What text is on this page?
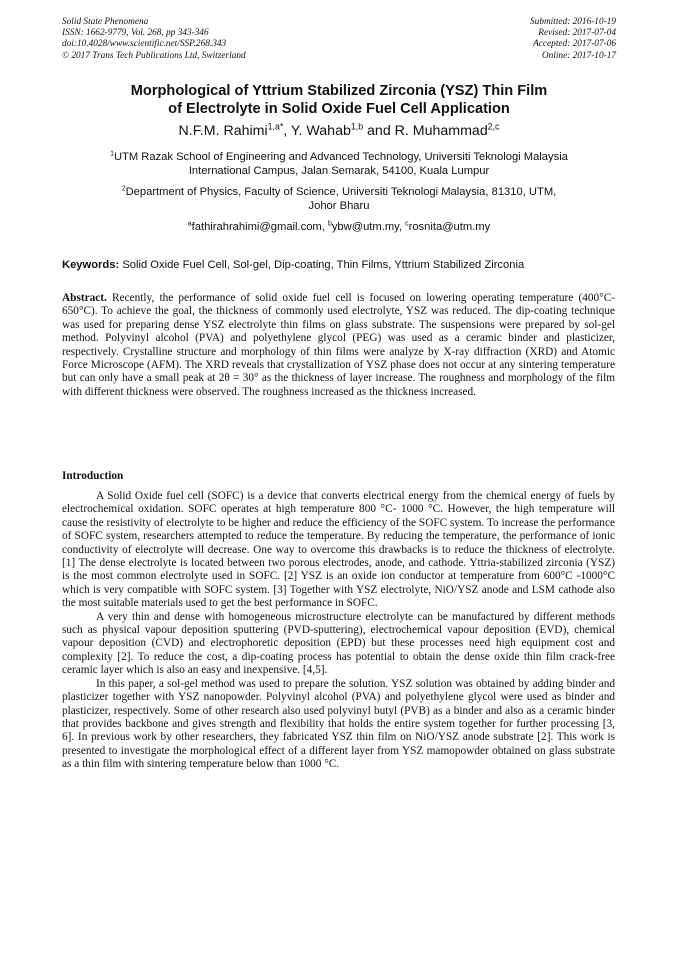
Solid State Phenomena
ISSN: 1662-9779, Vol. 268, pp 343-346
doi:10.4028/www.scientific.net/SSP.268.343
© 2017 Trans Tech Publications Ltd, Switzerland
Submitted: 2016-10-19
Revised: 2017-07-04
Accepted: 2017-07-06
Online: 2017-10-17
Morphological of Yttrium Stabilized Zirconia (YSZ) Thin Film
of Electrolyte in Solid Oxide Fuel Cell Application
N.F.M. Rahimi$^{1,a*}$, Y. Wahab$^{1,b}$ and R. Muhammad$^{2,c}$
$^1$UTM Razak School of Engineering and Advanced Technology, Universiti Teknologi Malaysia
International Campus, Jalan Semarak, 54100, Kuala Lumpur
$^2$Department of Physics, Faculty of Science, Universiti Teknologi Malaysia, 81310, UTM,
Johor Bharu
$^a$fathirahrahimi@gmail.com, $^b$ybw@utm.my, $^c$rosnita@utm.my
Keywords: Solid Oxide Fuel Cell, Sol-gel, Dip-coating, Thin Films, Yttrium Stabilized Zirconia

Abstract. Recently, the performance of solid oxide fuel cell is focused on lowering operating temperature (400°C-650°C). To achieve the goal, the thickness of commonly used electrolyte, YSZ was reduced. The dip-coating technique was used for preparing dense YSZ electrolyte thin films on glass substrate. The suspensions were prepared by sol-gel method. Polyvinyl alcohol (PVA) and polyethylene glycol (PEG) was used as a ceramic binder and plasticizer, respectively. Crystalline structure and morphology of thin films were analyze by X-ray diffraction (XRD) and Atomic Force Microscope (AFM). The XRD reveals that crystallization of YSZ phase does not occur at any sintering temperature but can only have a small peak at 2θ = 30° as the thickness of layer increase. The roughness and morphology of the film with different thickness were observed. The roughness increased as the thickness increased.

Introduction

A Solid Oxide fuel cell (SOFC) is a device that converts electrical energy from the chemical energy of fuels by electrochemical oxidation. SOFC operates at high temperature 800 °C- 1000 °C. However, the high temperature will cause the resistivity of electrolyte to be higher and reduce the efficiency of the SOFC system. To increase the performance of SOFC system, researchers attempted to reduce the temperature. By reducing the temperature, the performance of ionic conductivity of electrolyte will decrease. One way to overcome this drawbacks is to reduce the thickness of electrolyte. [1] The dense electrolyte is located between two porous electrodes, anode, and cathode. Yttria-stabilized zirconia (YSZ) is the most common electrolyte used in SOFC. [2] YSZ is an oxide ion conductor at temperature from 600°C -1000°C which is very compatible with SOFC system. [3] Together with YSZ electrolyte, NiO/YSZ anode and LSM cathode also the most suitable materials used to get the best performance in SOFC.

A very thin and dense with homogeneous microstructure electrolyte can be manufactured by different methods such as physical vapour deposition sputtering (PVD-sputtering), electrochemical vapour deposition (EVD), chemical vapour deposition (CVD) and electrophoretic deposition (EPD) but these processes need high equipment cost and complexity [2]. To reduce the cost, a dip-coating process has potential to obtain the dense oxide thin film crack-free ceramic layer which is also an easy and inexpensive. [4,5].

In this paper, a sol-gel method was used to prepare the solution. YSZ solution was obtained by adding binder and plasticizer together with YSZ nanopowder. Polyvinyl alcohol (PVA) and polyethylene glycol were used as binder and plasticizer, respectively. Some of other research also used polyvinyl butyl (PVB) as a binder and also as a ceramic binder that provides backbone and gives strength and flexibility that holds the entire system together for further processing [3, 6]. In previous work by other researchers, they fabricated YSZ thin film on NiO/YSZ anode substrate [2]. This work is presented to investigate the morphological effect of a different layer from YSZ mamopowder obtained on glass substrate as a thin film with sintering temperature below than 1000 °C.
